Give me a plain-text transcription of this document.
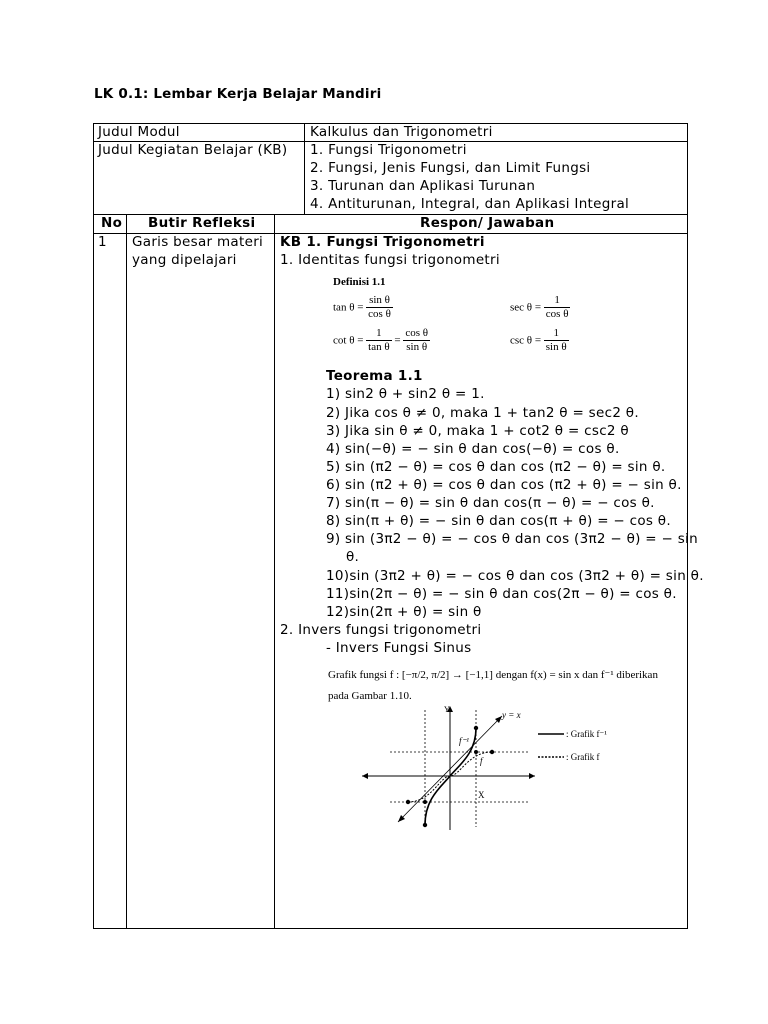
LK 0.1: Lembar Kerja Belajar Mandiri
Judul Modul	Kalkulus dan Trigonometri
Judul Kegiatan Belajar (KB) 1. Fungsi Trigonometri
2. Fungsi, Jenis Fungsi, dan Limit Fungsi
3. Turunan dan Aplikasi Turunan
4. Antiturunan, Integral, dan Aplikasi Integral
No Butir Refleksi	Respon/ Jawaban
1 Garis besar materi
yang dipelajari
KB 1. Fungsi Trigonometri
1. Identitas fungsi trigonometri
Definisi 1.1
$\tan \theta = \frac{\text{sin θ}}{\text{cos θ}}$	$\sec \theta = \frac{1}{\text{cos θ}}$
$\cot \theta = \frac{1}{\text{tan θ}} = \frac{\text{cos θ}}{\text{sin θ}}$	$\csc \theta = \frac{1}{\text{sin θ}}$
Teorema 1.1
1) sin2 θ + sin2 θ = 1.
2) Jika cos θ ≠ 0, maka 1 + tan2 θ = sec2 θ.
3) Jika sin θ ≠ 0, maka 1 + cot2 θ = csc2 θ
4) sin(−θ) = − sin θ dan cos(−θ) = cos θ.
5) sin (π2 − θ) = cos θ dan cos (π2 − θ) = sin θ.
6) sin (π2 + θ) = cos θ dan cos (π2 + θ) = − sin θ.
7) sin(π − θ) = sin θ dan cos(π − θ) = − cos θ.
8) sin(π + θ) = − sin θ dan cos(π + θ) = − cos θ.
9) sin (3π2 − θ) = − cos θ dan cos (3π2 − θ) = − sin
θ.
10)sin (3π2 + θ) = − cos θ dan cos (3π2 + θ) = sin θ.
11)sin(2π − θ) = − sin θ dan cos(2π − θ) = cos θ.
12)sin(2π + θ) = sin θ
2. Invers fungsi trigonometri
- Invers Fungsi Sinus
Grafik fungsi f : [−π/2, π/2] → [−1,1] dengan f(x) = sin x dan f⁻¹ diberikan
pada Gambar 1.10.
Y
X
y = x
f⁻¹
f
: Grafik f⁻¹
: Grafik f
